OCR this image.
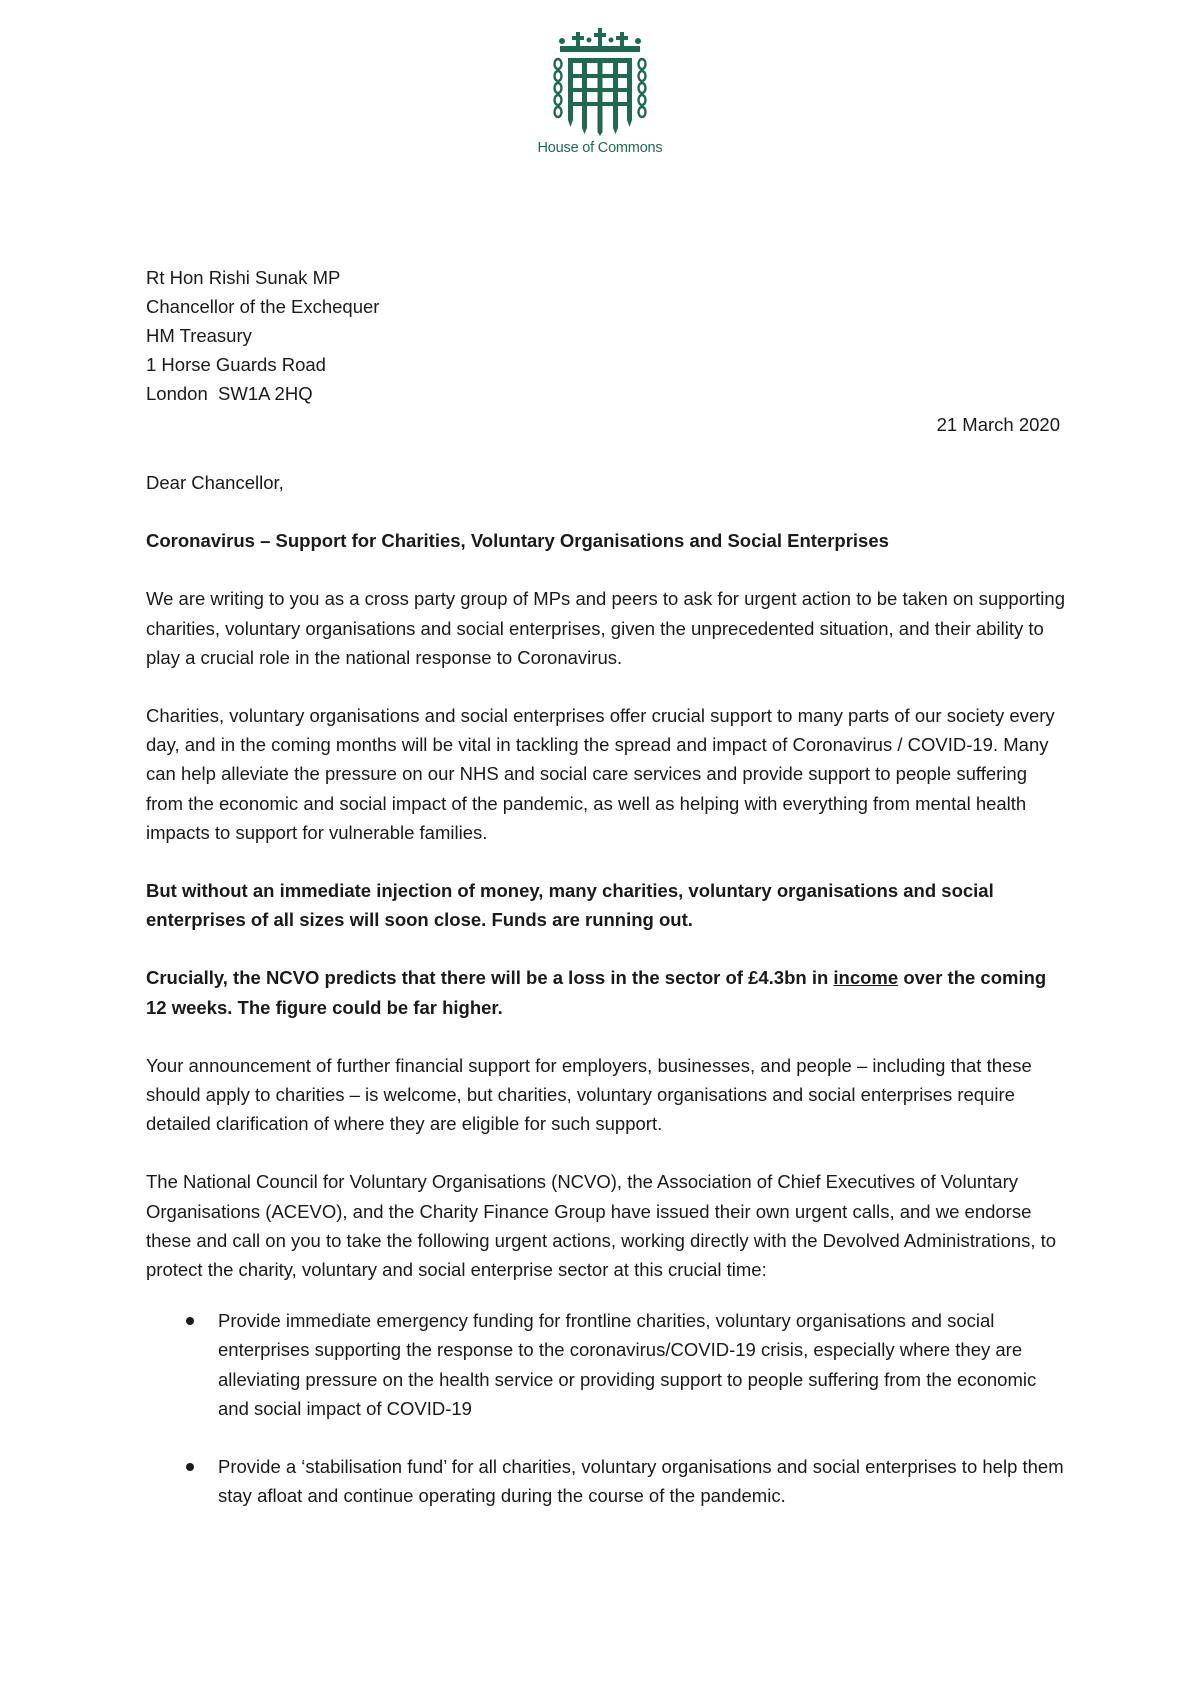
House of Commons
Rt Hon Rishi Sunak MP
Chancellor of the Exchequer
HM Treasury
1 Horse Guards Road
London  SW1A 2HQ
21 March 2020

Dear Chancellor,

Coronavirus – Support for Charities, Voluntary Organisations and Social Enterprises

We are writing to you as a cross party group of MPs and peers to ask for urgent action to be taken on supporting charities, voluntary organisations and social enterprises, given the unprecedented situation, and their ability to play a crucial role in the national response to Coronavirus.

Charities, voluntary organisations and social enterprises offer crucial support to many parts of our society every day, and in the coming months will be vital in tackling the spread and impact of Coronavirus / COVID-19. Many can help alleviate the pressure on our NHS and social care services and provide support to people suffering from the economic and social impact of the pandemic, as well as helping with everything from mental health impacts to support for vulnerable families.

But without an immediate injection of money, many charities, voluntary organisations and social enterprises of all sizes will soon close. Funds are running out.

Crucially, the NCVO predicts that there will be a loss in the sector of £4.3bn in income over the coming 12 weeks. The figure could be far higher.

Your announcement of further financial support for employers, businesses, and people – including that these should apply to charities – is welcome, but charities, voluntary organisations and social enterprises require detailed clarification of where they are eligible for such support.

The National Council for Voluntary Organisations (NCVO), the Association of Chief Executives of Voluntary Organisations (ACEVO), and the Charity Finance Group have issued their own urgent calls, and we endorse these and call on you to take the following urgent actions, working directly with the Devolved Administrations, to protect the charity, voluntary and social enterprise sector at this crucial time:

Provide immediate emergency funding for frontline charities, voluntary organisations and social enterprises supporting the response to the coronavirus/COVID-19 crisis, especially where they are alleviating pressure on the health service or providing support to people suffering from the economic and social impact of COVID-19
Provide a ‘stabilisation fund’ for all charities, voluntary organisations and social enterprises to help them stay afloat and continue operating during the course of the pandemic.
